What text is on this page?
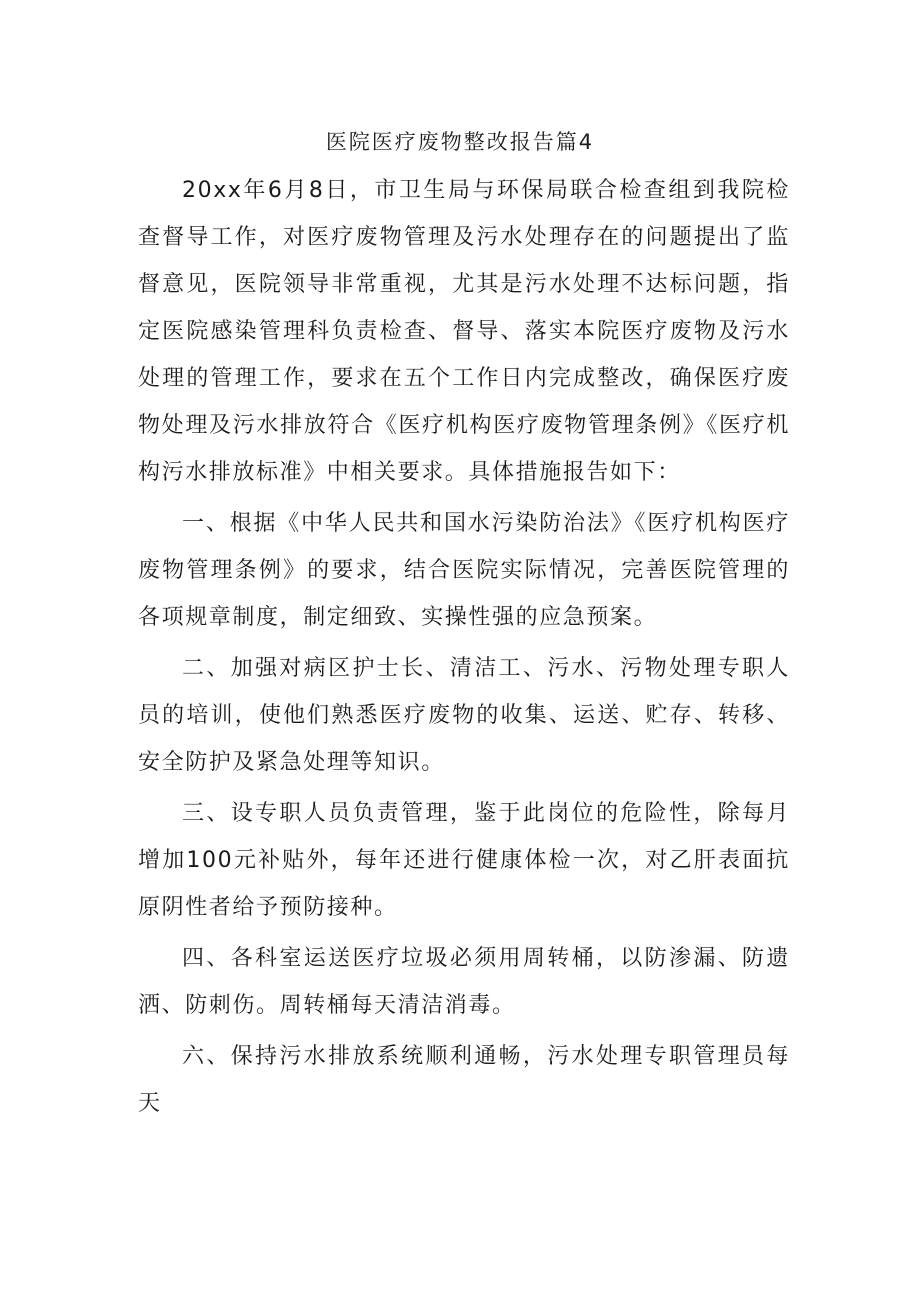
医院医疗废物整改报告篇4

20xx年6月8日，市卫生局与环保局联合检查组到我院检查督导工作，对医疗废物管理及污水处理存在的问题提出了监督意见，医院领导非常重视，尤其是污水处理不达标问题，指定医院感染管理科负责检查、督导、落实本院医疗废物及污水处理的管理工作，要求在五个工作日内完成整改，确保医疗废物处理及污水排放符合《医疗机构医疗废物管理条例》《医疗机构污水排放标准》中相关要求。具体措施报告如下：

一、根据《中华人民共和国水污染防治法》《医疗机构医疗废物管理条例》的要求，结合医院实际情况，完善医院管理的各项规章制度，制定细致、实操性强的应急预案。

二、加强对病区护士长、清洁工、污水、污物处理专职人员的培训，使他们熟悉医疗废物的收集、运送、贮存、转移、安全防护及紧急处理等知识。

三、设专职人员负责管理，鉴于此岗位的危险性，除每月增加100元补贴外，每年还进行健康体检一次，对乙肝表面抗原阴性者给予预防接种。

四、各科室运送医疗垃圾必须用周转桶，以防渗漏、防遗洒、防刺伤。周转桶每天清洁消毒。

六、保持污水排放系统顺利通畅，污水处理专职管理员每天
